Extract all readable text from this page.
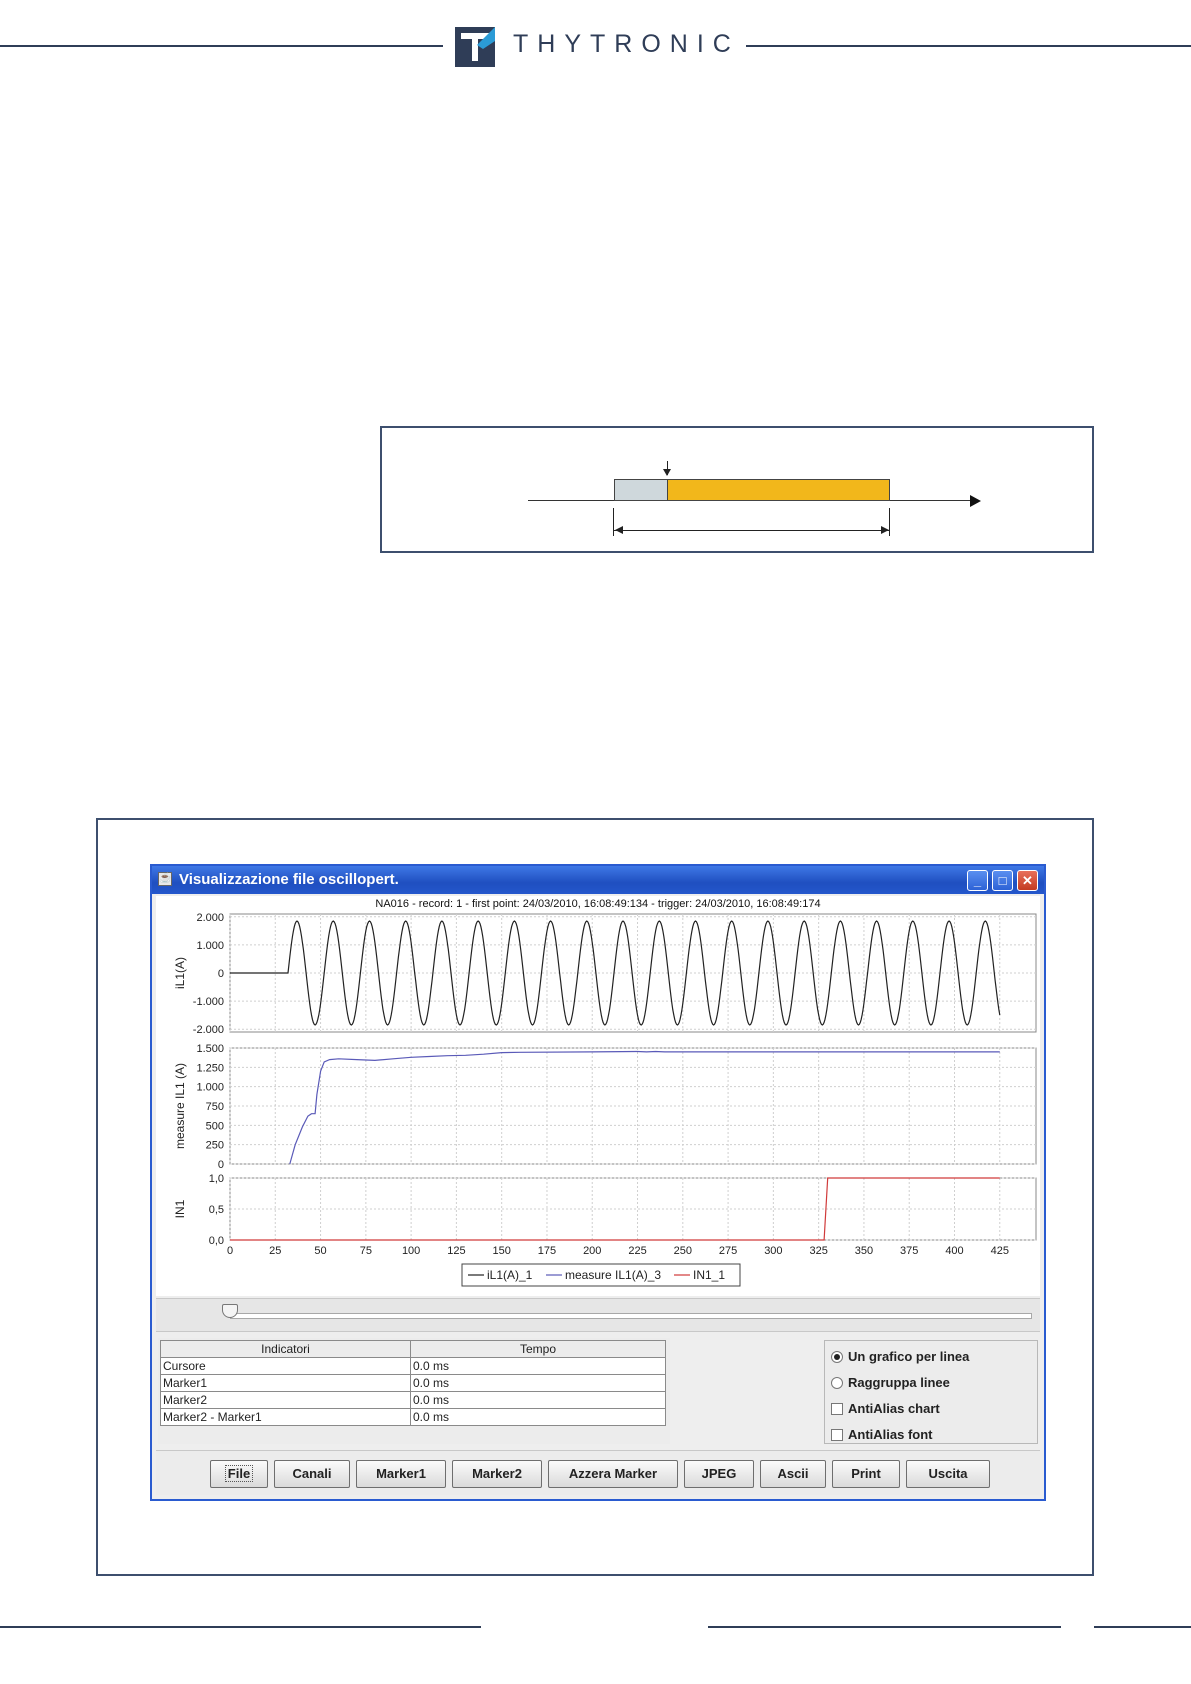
THYTRONIC
☕ Visualizzazione file oscillopert.	_	□	✕
NA016 - record: 1 - first point: 24/03/2010, 16:08:49:134 - trigger: 24/03/2010, 16:08:49:174
2.000
1.000
0
-1.000
-2.000
iL1(A)
1.500
1.250
1.000
750
500
250
0
measure IL1 (A)
1,0
0,5
0,0
IN1
0	25	50	75	100 125 150 175 200 225 250 275 300 325 350 375 400 425
iL1(A)_1	measure IL1(A)_3	IN1_1
Indicatori	Tempo
Cursore	0.0 ms
Marker1	0.0 ms
Marker2	0.0 ms
Marker2 - Marker1	0.0 ms
Un grafico per linea
Raggruppa linee
AntiAlias chart
AntiAlias font
File	Canali	Marker1	Marker2	Azzera Marker	JPEG	Ascii	Print	Uscita
